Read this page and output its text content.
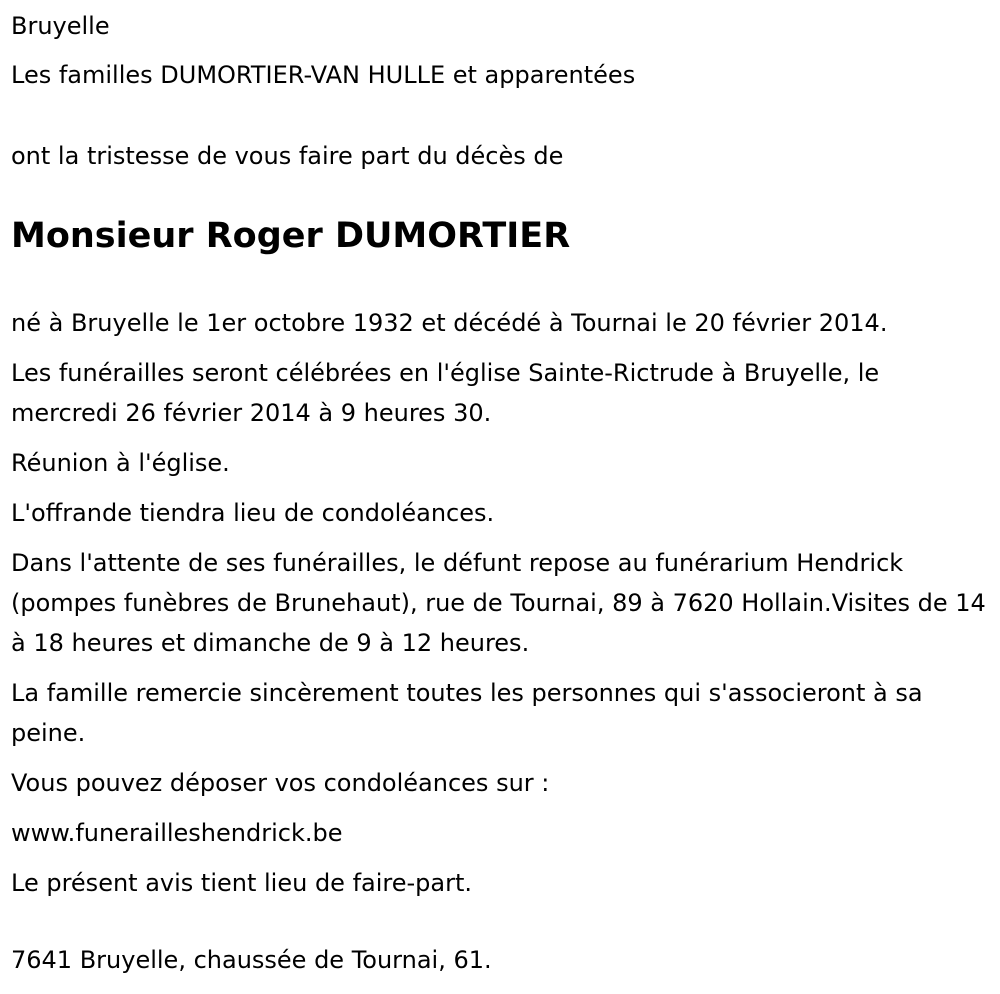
Bruyelle

Les familles DUMORTIER-VAN HULLE et apparentées

ont la tristesse de vous faire part du décès de

Monsieur Roger DUMORTIER

né à Bruyelle le 1er octobre 1932 et décédé à Tournai le 20 février 2014.

Les funérailles seront célébrées en l'église Sainte-Rictrude à Bruyelle, le mercredi 26 février 2014 à 9 heures 30.

Réunion à l'église.

L'offrande tiendra lieu de condoléances.

Dans l'attente de ses funérailles, le défunt repose au funérarium Hendrick (pompes funèbres de Brunehaut), rue de Tournai, 89 à 7620 Hollain.Visites de 14 à 18 heures et dimanche de 9 à 12 heures.

La famille remercie sincèrement toutes les personnes qui s'associeront à sa peine.

Vous pouvez déposer vos condoléances sur :

www.funerailleshendrick.be

Le présent avis tient lieu de faire-part.

7641 Bruyelle, chaussée de Tournai, 61.
